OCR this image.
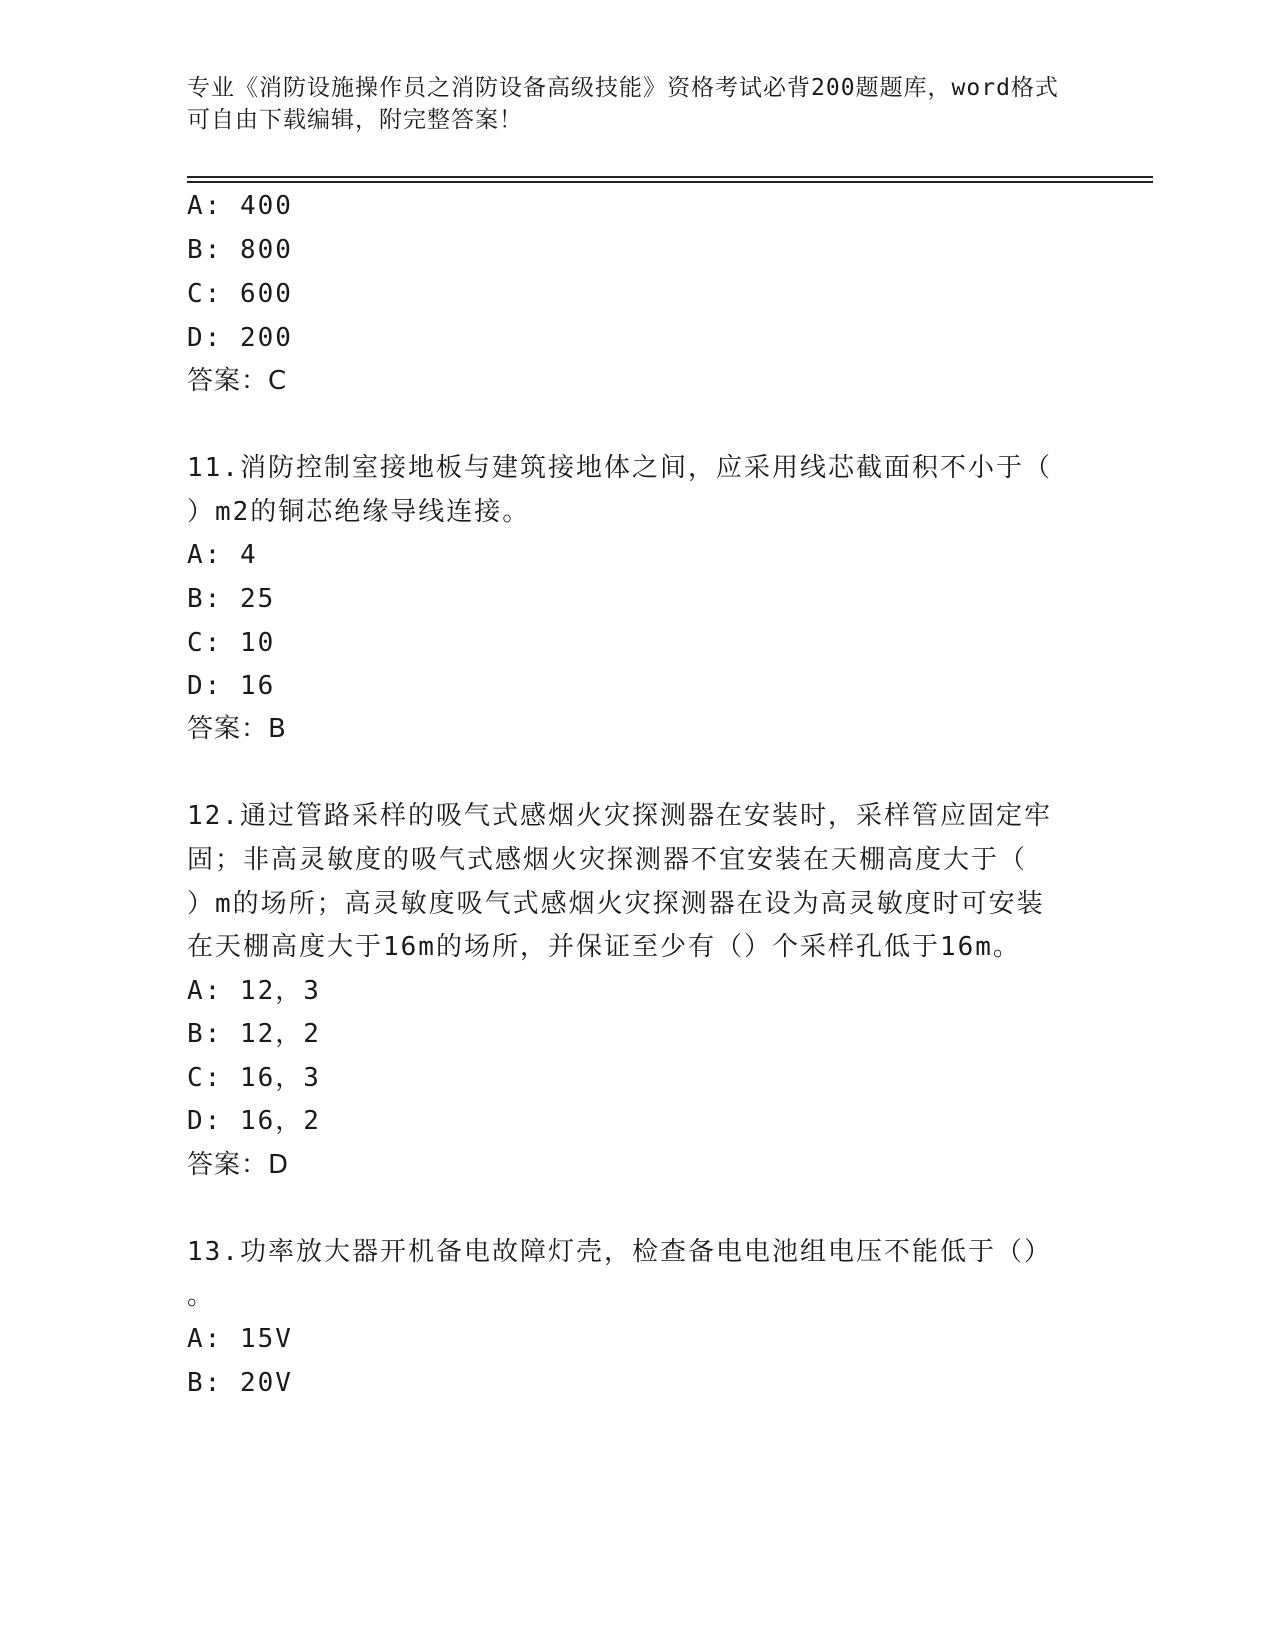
专业《消防设施操作员之消防设备高级技能》资格考试必背200题题库，word格式可自由下载编辑，附完整答案！
A: 400
B: 800
C: 600
D: 200
答案：C
11.消防控制室接地板与建筑接地体之间，应采用线芯截面积不小于（
）m2的铜芯绝缘导线连接。
A: 4
B: 25
C: 10
D: 16
答案：B
12.通过管路采样的吸气式感烟火灾探测器在安装时，采样管应固定牢
固；非高灵敏度的吸气式感烟火灾探测器不宜安装在天棚高度大于（
）m的场所；高灵敏度吸气式感烟火灾探测器在设为高灵敏度时可安装
在天棚高度大于16m的场所，并保证至少有（）个采样孔低于16m。
A: 12，3
B: 12，2
C: 16，3
D: 16，2
答案：D
13.功率放大器开机备电故障灯壳，检查备电电池组电压不能低于（）
。
A: 15V
B: 20V
